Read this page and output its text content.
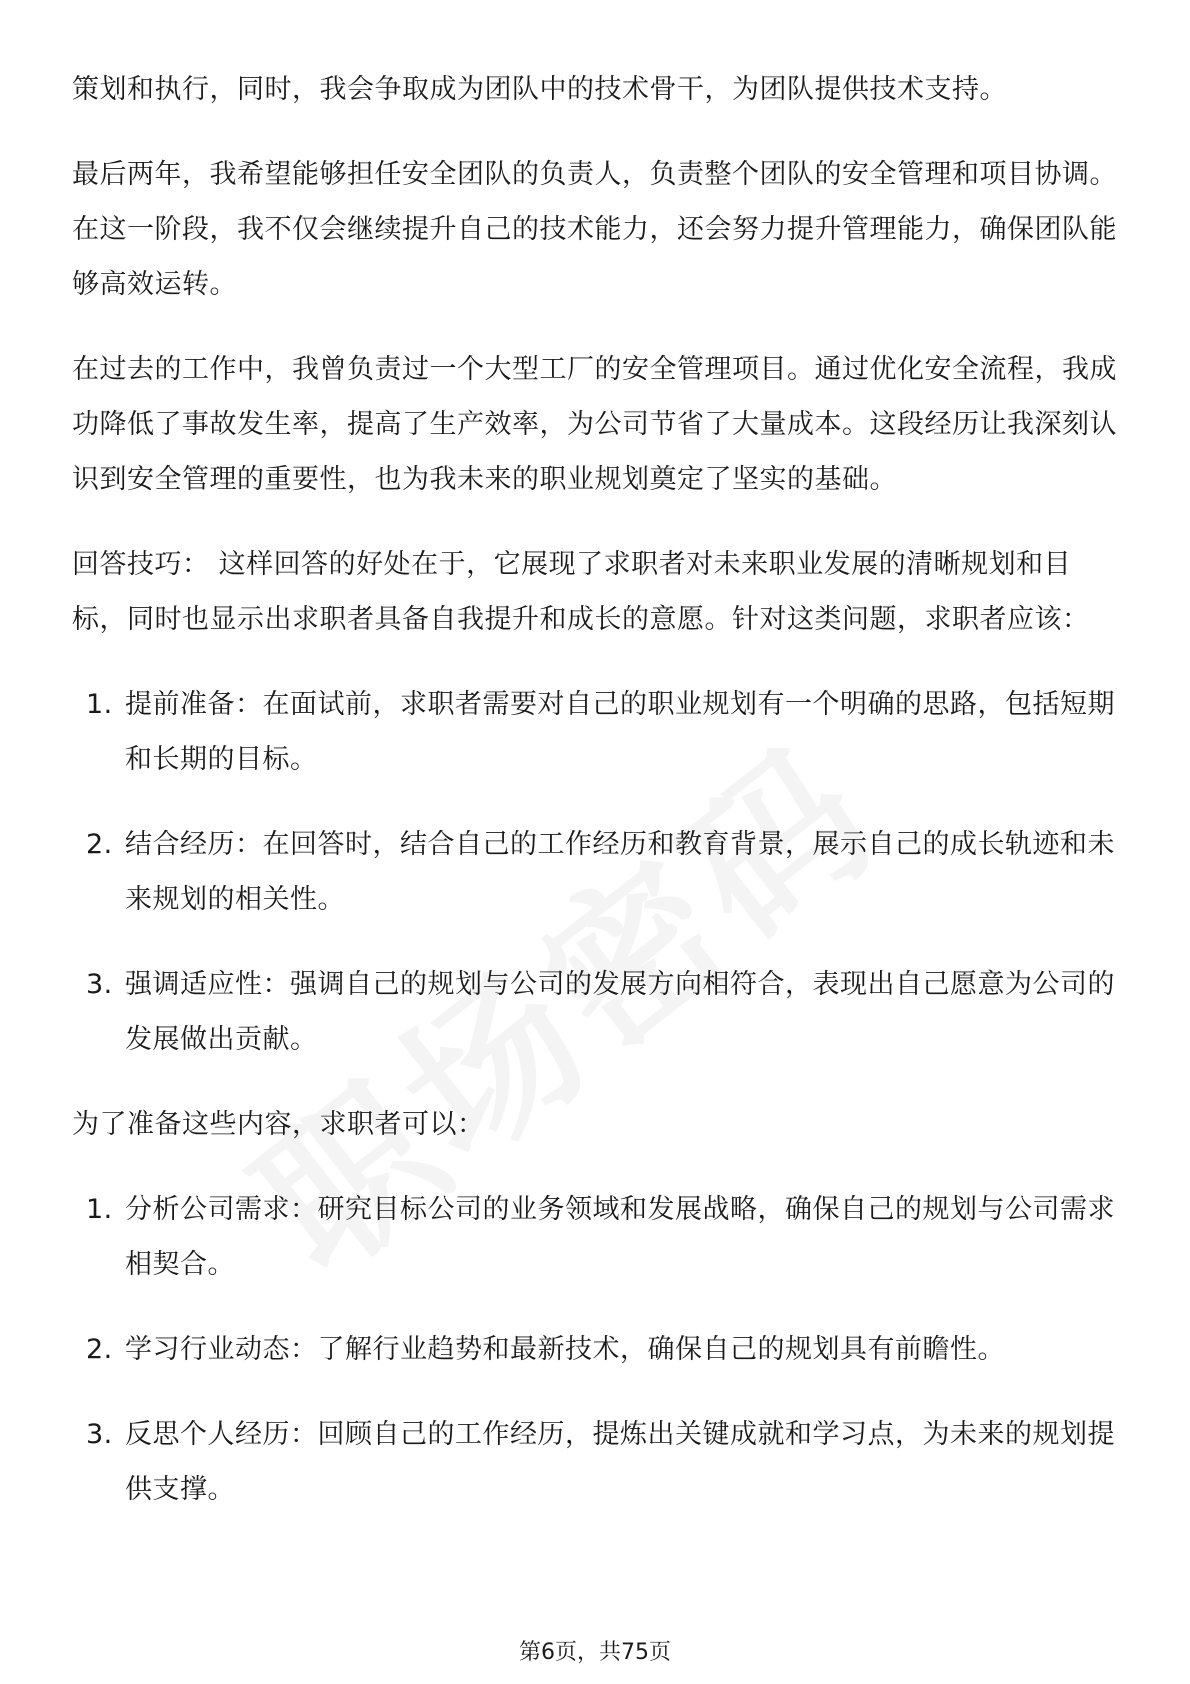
策划和执行，同时，我会争取成为团队中的技术骨干，为团队提供技术支持。

最后两年，我希望能够担任安全团队的负责人，负责整个团队的安全管理和项目协调。在这一阶段，我不仅会继续提升自己的技术能力，还会努力提升管理能力，确保团队能够高效运转。

在过去的工作中，我曾负责过一个大型工厂的安全管理项目。通过优化安全流程，我成功降低了事故发生率，提高了生产效率，为公司节省了大量成本。这段经历让我深刻认识到安全管理的重要性，也为我未来的职业规划奠定了坚实的基础。

回答技巧： 这样回答的好处在于，它展现了求职者对未来职业发展的清晰规划和目标，同时也显示出求职者具备自我提升和成长的意愿。针对这类问题，求职者应该：

1. 提前准备：在面试前，求职者需要对自己的职业规划有一个明确的思路，包括短期和长期的目标。
2. 结合经历：在回答时，结合自己的工作经历和教育背景，展示自己的成长轨迹和未来规划的相关性。
3. 强调适应性：强调自己的规划与公司的发展方向相符合，表现出自己愿意为公司的发展做出贡献。

为了准备这些内容，求职者可以：

1. 分析公司需求：研究目标公司的业务领域和发展战略，确保自己的规划与公司需求相契合。
2. 学习行业动态：了解行业趋势和最新技术，确保自己的规划具有前瞻性。
3. 反思个人经历：回顾自己的工作经历，提炼出关键成就和学习点，为未来的规划提供支撑。
第6页，共75页
